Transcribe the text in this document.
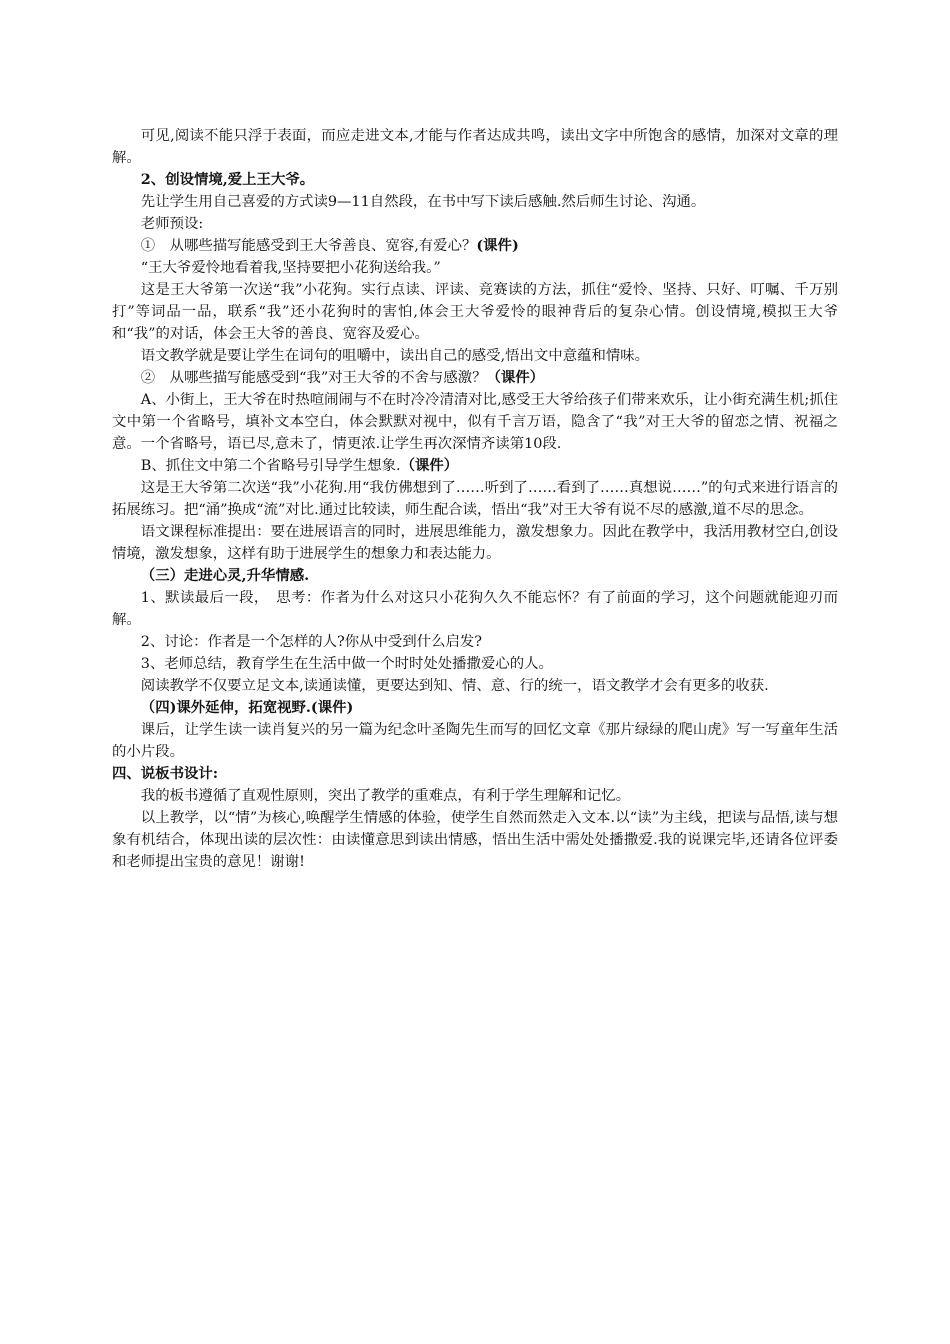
可见,阅读不能只浮于表面，而应走进文本,才能与作者达成共鸣，读出文字中所饱含的感情，加深对文章的理解。

2、创设情境,爱上王大爷。

先让学生用自己喜爱的方式读9—11自然段，在书中写下读后感触.然后师生讨论、沟通。

老师预设:

①　从哪些描写能感受到王大爷善良、宽容,有爱心？(课件)

“王大爷爱怜地看着我,坚持要把小花狗送给我。”

这是王大爷第一次送“我”小花狗。实行点读、评读、竞赛读的方法，抓住“爱怜、坚持、只好、叮嘱、千万别打”等词品一品，联系“我”还小花狗时的害怕,体会王大爷爱怜的眼神背后的复杂心情。创设情境,模拟王大爷和“我”的对话，体会王大爷的善良、宽容及爱心。

语文教学就是要让学生在词句的咀嚼中，读出自己的感受,悟出文中意蕴和情味。

②　从哪些描写能感受到“我”对王大爷的不舍与感激？（课件）

A、小街上，王大爷在时热喧闹闹与不在时冷冷清清对比,感受王大爷给孩子们带来欢乐，让小街充满生机;抓住文中第一个省略号，填补文本空白，体会默默对视中，似有千言万语，隐含了“我”对王大爷的留恋之情、祝福之意。一个省略号，语已尽,意未了，情更浓.让学生再次深情齐读第10段.

B、抓住文中第二个省略号引导学生想象.（课件）

这是王大爷第二次送“我”小花狗.用“我仿佛想到了……听到了……看到了……真想说……”的句式来进行语言的拓展练习。把“涌”换成“流”对比.通过比较读，师生配合读，悟出“我”对王大爷有说不尽的感激,道不尽的思念。

语文课程标准提出：要在进展语言的同时，进展思维能力，激发想象力。因此在教学中，我活用教材空白,创设情境，激发想象，这样有助于进展学生的想象力和表达能力。

（三）走进心灵,升华情感.

1、默读最后一段，　思考：作者为什么对这只小花狗久久不能忘怀？有了前面的学习，这个问题就能迎刃而解。

2、讨论：作者是一个怎样的人?你从中受到什么启发?

3、老师总结，教育学生在生活中做一个时时处处播撒爱心的人。

阅读教学不仅要立足文本,读通读懂，更要达到知、情、意、行的统一，语文教学才会有更多的收获.

（四)课外延伸，拓宽视野.(课件)

课后，让学生读一读肖复兴的另一篇为纪念叶圣陶先生而写的回忆文章《那片绿绿的爬山虎》写一写童年生活的小片段。

四、说板书设计:

我的板书遵循了直观性原则，突出了教学的重难点，有利于学生理解和记忆。

以上教学，以“情”为核心,唤醒学生情感的体验，使学生自然而然走入文本.以“读”为主线，把读与品悟,读与想象有机结合，体现出读的层次性：由读懂意思到读出情感，悟出生活中需处处播撒爱.我的说课完毕,还请各位评委和老师提出宝贵的意见！谢谢!
